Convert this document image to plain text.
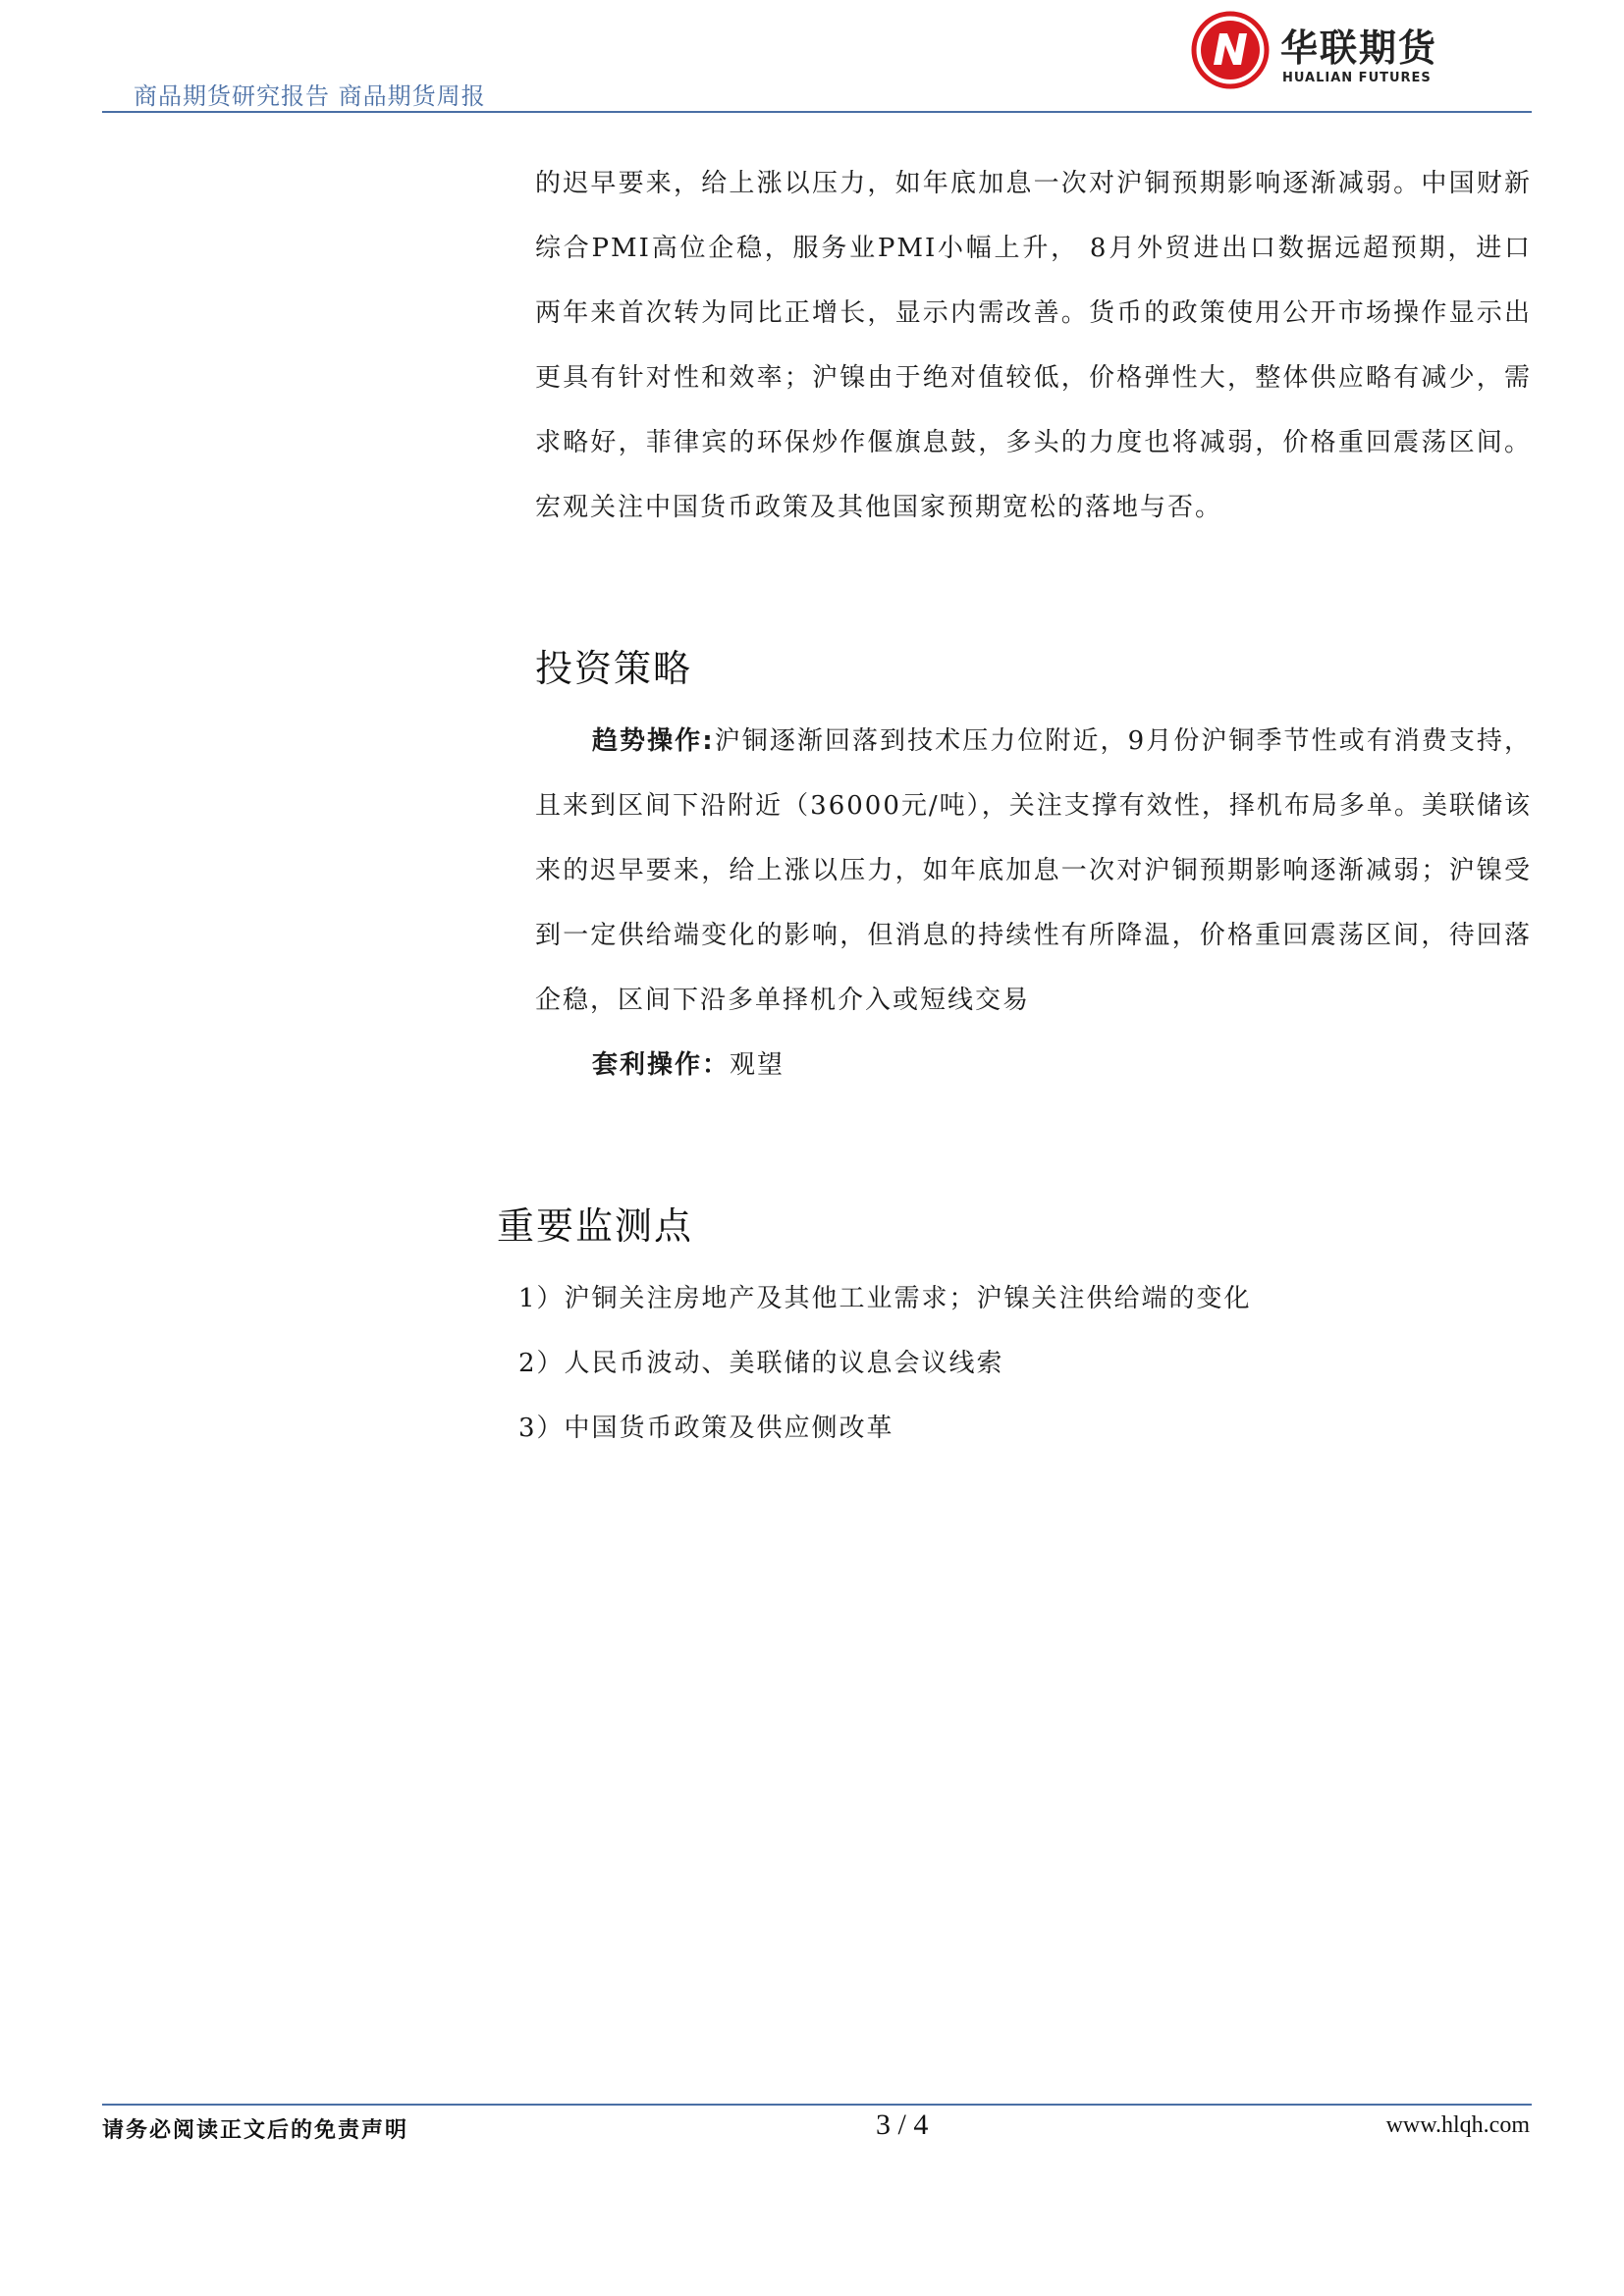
商品期货研究报告 商品期货周报
华联期货
HUALIAN FUTURES
的迟早要来，给上涨以压力，如年底加息一次对沪铜预期影响逐渐减弱。中国财新综合PMI高位企稳，服务业PMI小幅上升， 8月外贸进出口数据远超预期，进口两年来首次转为同比正增长，显示内需改善。货币的政策使用公开市场操作显示出更具有针对性和效率；沪镍由于绝对值较低，价格弹性大，整体供应略有减少，需求略好，菲律宾的环保炒作偃旗息鼓，多头的力度也将减弱，价格重回震荡区间。宏观关注中国货币政策及其他国家预期宽松的落地与否。
投资策略

趋势操作:沪铜逐渐回落到技术压力位附近，9月份沪铜季节性或有消费支持，且来到区间下沿附近（36000元/吨），关注支撑有效性，择机布局多单。美联储该来的迟早要来，给上涨以压力，如年底加息一次对沪铜预期影响逐渐减弱；沪镍受到一定供给端变化的影响，但消息的持续性有所降温，价格重回震荡区间，待回落企稳，区间下沿多单择机介入或短线交易

套利操作：观望

重要监测点
1）沪铜关注房地产及其他工业需求；沪镍关注供给端的变化
2）人民币波动、美联储的议息会议线索
3）中国货币政策及供应侧改革
请务必阅读正文后的免责声明	3 / 4	www.hlqh.com
